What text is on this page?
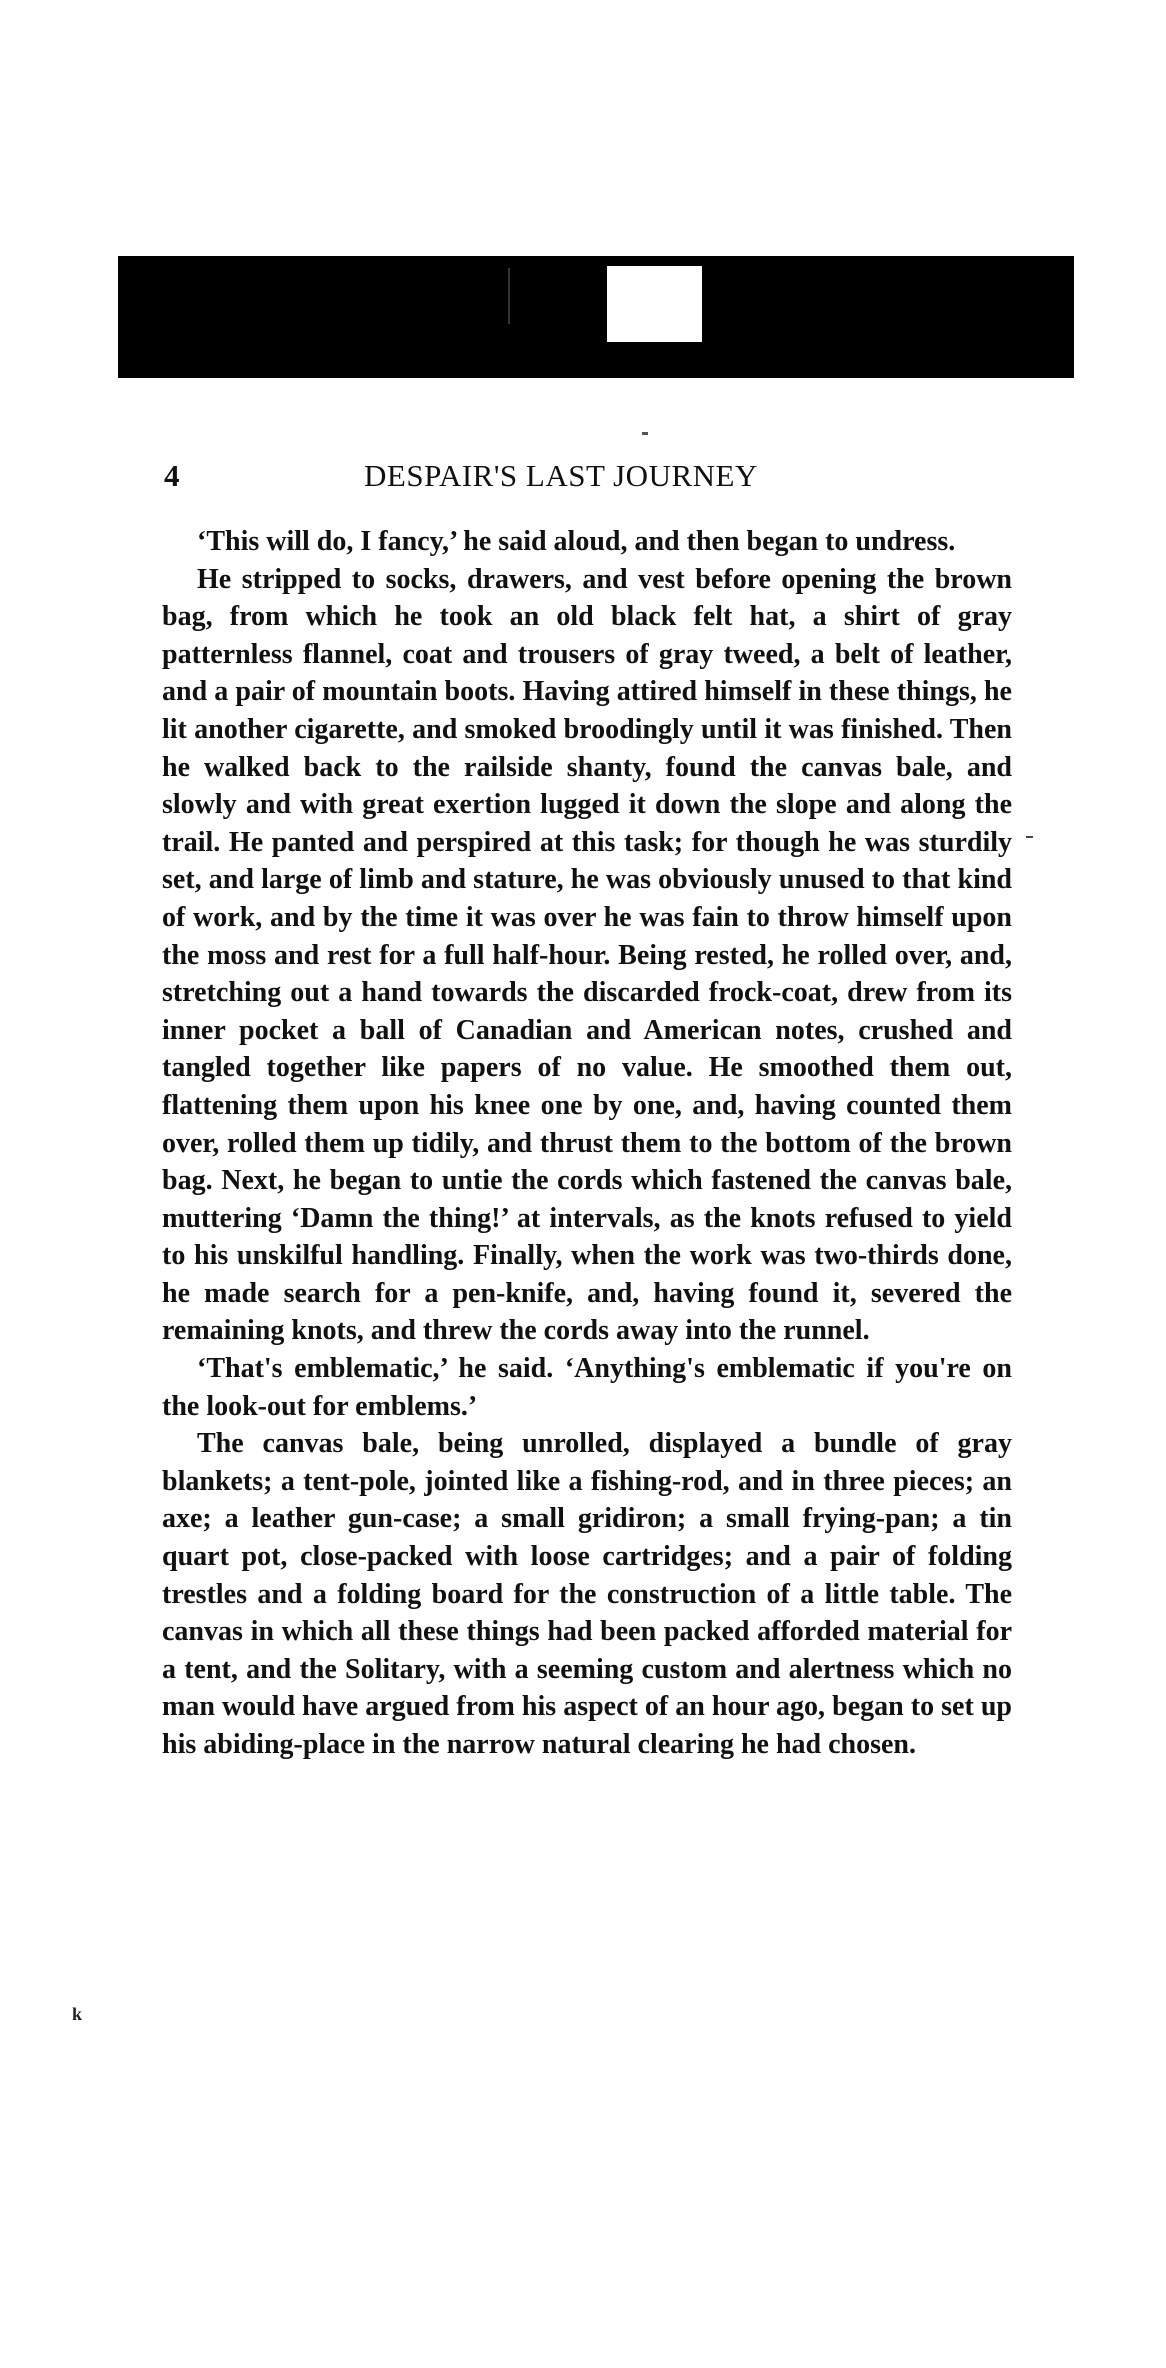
4	DESPAIR'S LAST JOURNEY

‘This will do, I fancy,’ he said aloud, and then began to undress.

He stripped to socks, drawers, and vest before opening the brown bag, from which he took an old black felt hat, a shirt of gray patternless flannel, coat and trousers of gray tweed, a belt of leather, and a pair of mountain boots. Having attired himself in these things, he lit another cigarette, and smoked broodingly until it was finished. Then he walked back to the railside shanty, found the canvas bale, and slowly and with great exertion lugged it down the slope and along the trail. He panted and perspired at this task; for though he was sturdily set, and large of limb and stature, he was obviously unused to that kind of work, and by the time it was over he was fain to throw himself upon the moss and rest for a full half-hour. Being rested, he rolled over, and, stretching out a hand towards the discarded frock-coat, drew from its inner pocket a ball of Canadian and American notes, crushed and tangled together like papers of no value. He smoothed them out, flattening them upon his knee one by one, and, having counted them over, rolled them up tidily, and thrust them to the bottom of the brown bag. Next, he began to untie the cords which fastened the canvas bale, muttering ‘Damn the thing!’ at intervals, as the knots refused to yield to his unskilful handling. Finally, when the work was two-thirds done, he made search for a pen-knife, and, having found it, severed the remaining knots, and threw the cords away into the runnel.

‘That's emblematic,’ he said. ‘Anything's emblematic if you're on the look-out for emblems.’

The canvas bale, being unrolled, displayed a bundle of gray blankets; a tent-pole, jointed like a fishing-rod, and in three pieces; an axe; a leather gun-case; a small gridiron; a small frying-pan; a tin quart pot, close-packed with loose cartridges; and a pair of folding trestles and a folding board for the construction of a little table. The canvas in which all these things had been packed afforded material for a tent, and the Solitary, with a seeming custom and alertness which no man would have argued from his aspect of an hour ago, began to set up his abiding-place in the narrow natural clearing he had chosen.

k
